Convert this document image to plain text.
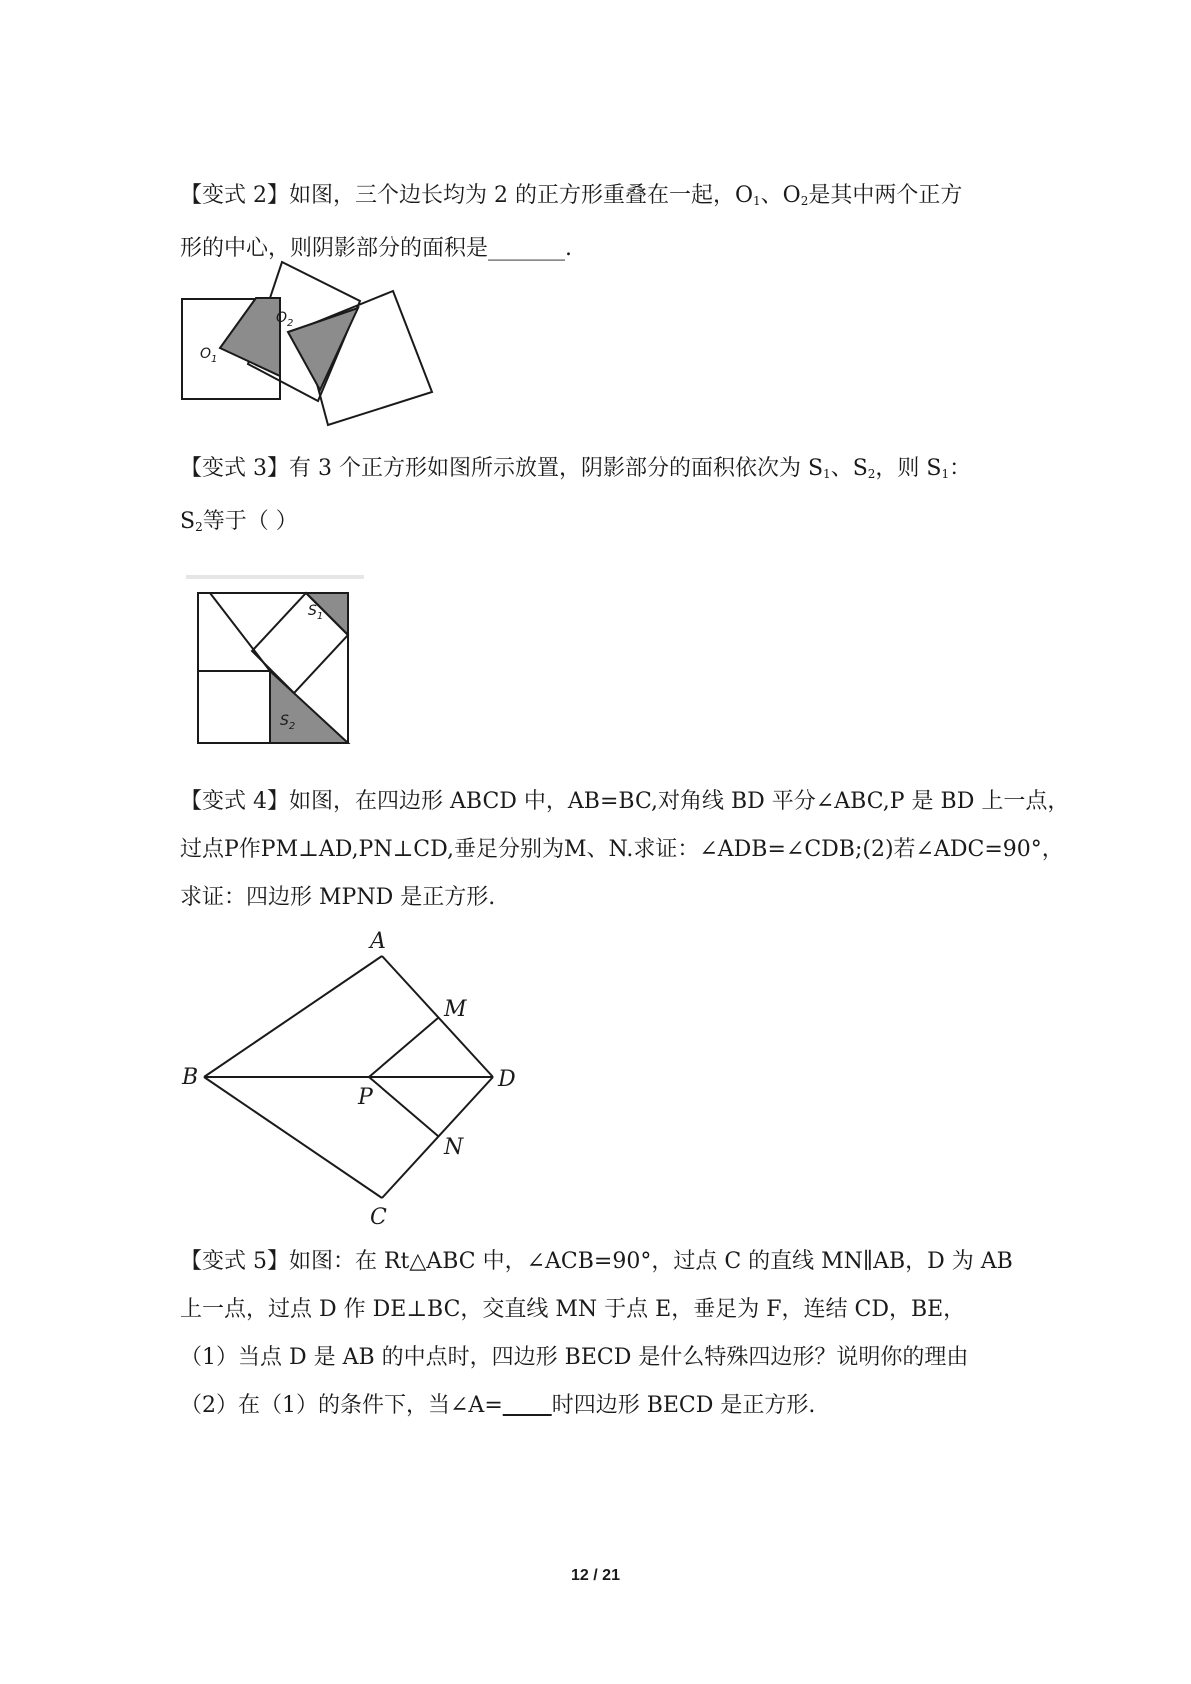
【变式 2】如图，三个边长均为 2 的正方形重叠在一起，$O_1$、$O_2$是其中两个正方
形的中心，则阴影部分的面积是_______.
$O_1$
$O_2$
【变式 3】有 3 个正方形如图所示放置，阴影部分的面积依次为 $S_1$、$S_2$，则 $S_1$：
$S_2$等于（ ）
$S_1$
$S_2$
【变式 4】如图，在四边形 ABCD 中，AB=BC,对角线 BD 平分∠ABC,P 是 BD 上一点，
过点P作PM⊥AD,PN⊥CD,垂足分别为M、N.求证：∠ADB=∠CDB;(2)若∠ADC=90°，
求证：四边形 MPND 是正方形.
A
B
C
D
M
N
P
【变式 5】如图：在 Rt△ABC 中，∠ACB=90°，过点 C 的直线 MN∥AB，D 为 AB
上一点，过点 D 作 DE⊥BC，交直线 MN 于点 E，垂足为 F，连结 CD，BE，
（1）当点 D 是 AB 的中点时，四边形 BECD 是什么特殊四边形？说明你的理由
（2）在（1）的条件下，当∠A= 时四边形 BECD 是正方形.
12 / 21
